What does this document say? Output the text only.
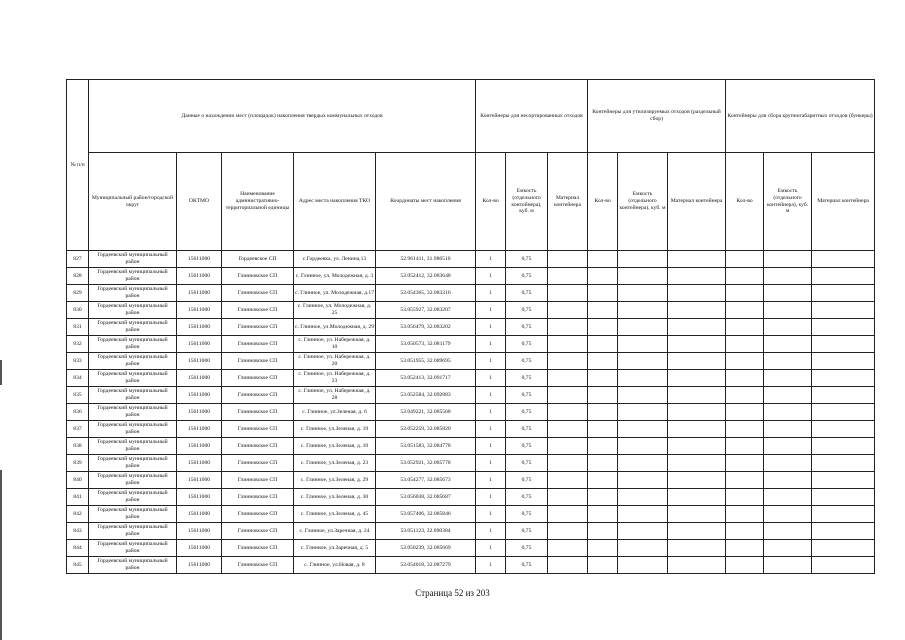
№ п/п	Данные о нахождении мест (площадок) накопления твердых коммунальных отходов					Контейнеры для несортированных отходов			Контейнеры для утилизируемых отходов (раздельный сбор)			Контейнеры для сбора крупногабаритных отходов (бункеры)		
	Муниципальный район/городской округ	ОКТМО	Наименование административно-территориальной единицы	Адрес места накопления ТКО	Координаты мест накопления	Кол-во	Емкость (отдельного контейнера), куб. м	Материал контейнера	Кол-во	Емкость (отдельного контейнера), куб. м	Материал контейнера	Кол-во	Емкость (отдельного контейнера), куб. м	Материал контейнера
827	Гордеевский муниципальный район	15611000	Гордеевское СП	с.Гордеевка, ул. Ленина,13	52.961411, 31.986510	1	0,75							
828	Гордеевский муниципальный район	15611000	Глинновское СП	с. Глинное, ул. Молодежная, д. 3	53.052412, 32.083648	1	0,75							
829	Гордеевский муниципальный район	15611000	Глинновское СП	с. Глинное, ул. Молодежная, д.17	53.054365, 32.083316	1	0,75							
830	Гордеевский муниципальный район	15611000	Глинновское СП	с. Глинное, ул. Молодежная, д. 25	53.055927, 32.083207	1	0,75							
831	Гордеевский муниципальный район	15611000	Глинновское СП	с. Глинное, ул.Молодежная, д. 29	53.056479, 32.083202	1	0,75							
832	Гордеевский муниципальный район	15611000	Глинновское СП	с. Глинное, ул. Набережная, д. 10	53.050573, 32.081179	1	0,75							
833	Гордеевский муниципальный район	15611000	Глинновское СП	с. Глинное, ул. Набережная, д. 20	53.051955, 32.089695	1	0,75							
834	Гордеевский муниципальный район	15611000	Глинновское СП	с. Глинное, ул. Набережная, д. 23	53.052413, 32.091717	1	0,75							
835	Гордеевский муниципальный район	15611000	Глинновское СП	с. Глинное, ул. Набережная, д. 28	53.052584, 32.092883	1	0,75							
836	Гордеевский муниципальный район	15611000	Глинновское СП	с. Глинное, ул.Зеленая, д. 6	53.049221, 32.085568	1	0,75							
837	Гордеевский муниципальный район	15611000	Глинновское СП	с. Глинное, ул.Зеленая, д. 19	53.052259, 32.085820	1	0,75							
838	Гордеевский муниципальный район	15611000	Глинновское СП	с. Глинное, ул.Зеленая, д. 10	53.051583, 32.084778	1	0,75							
839	Гордеевский муниципальный район	15611000	Глинновское СП	с. Глинное, ул.Зеленая, д. 23	53.052921, 32.085778	1	0,75							
840	Гордеевский муниципальный район	15611000	Глинновское СП	с. Глинное, ул.Зеленая, д. 29	53.054277, 32.085673	1	0,75							
841	Гордеевский муниципальный район	15611000	Глинновское СП	с. Глинное, ул.Зеленая, д. 30	53.056038, 32.085687	1	0,75							
842	Гордеевский муниципальный район	15611000	Глинновское СП	с. Глинное, ул.Зеленая, д. 45	53.057406, 32.085846	1	0,75							
843	Гордеевский муниципальный район	15611000	Глинновское СП	с. Глинное, ул.Заречная, д. 24	53.051123, 32.090384	1	0,75							
844	Гордеевский муниципальный район	15611000	Глинновское СП	с. Глинное, ул.Заречная, д. 5	53.050239, 32.085669	1	0,75							
845	Гордеевский муниципальный район	15611000	Глинновское СП	с. Глинное, ул.Новая, д. 8	53.054018, 32.087279	1	0,75							
Страница 52 из 203
